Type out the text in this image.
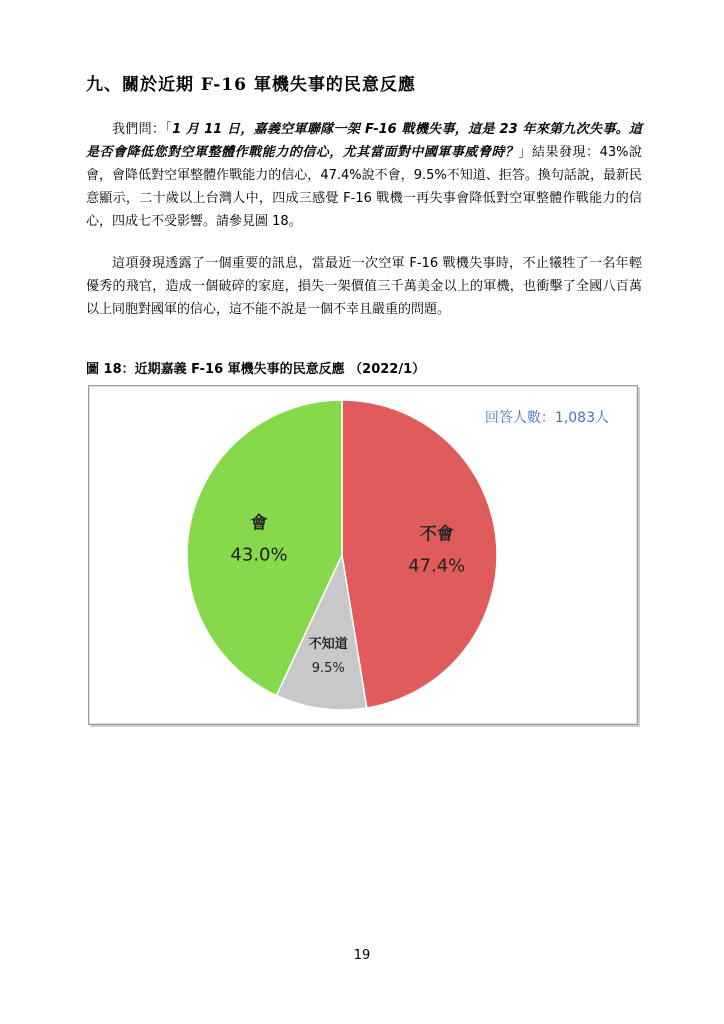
九、關於近期 F-16 軍機失事的民意反應
我們問：「1 月 11 日，嘉義空軍聯隊一架 F-16 戰機失事，這是 23 年來第九次失事。這是否會降低您對空軍整體作戰能力的信心，尤其當面對中國軍事威脅時？」結果發現：43%說會，會降低對空軍整體作戰能力的信心，47.4%說不會，9.5%不知道、拒答。換句話說，最新民意顯示，二十歲以上台灣人中，四成三感覺 F-16 戰機一再失事會降低對空軍整體作戰能力的信心，四成七不受影響。請參見圖 18。
這項發現透露了一個重要的訊息，當最近一次空軍 F-16 戰機失事時，不止犧牲了一名年輕優秀的飛官，造成一個破碎的家庭，損失一架價值三千萬美金以上的軍機，也衝擊了全國八百萬以上同胞對國軍的信心，這不能不說是一個不幸且嚴重的問題。
圖 18：近期嘉義 F-16 軍機失事的民意反應 （2022/1）
回答人數：1,083人
不會
47.4%
不知道
9.5%
會
43.0%
19
